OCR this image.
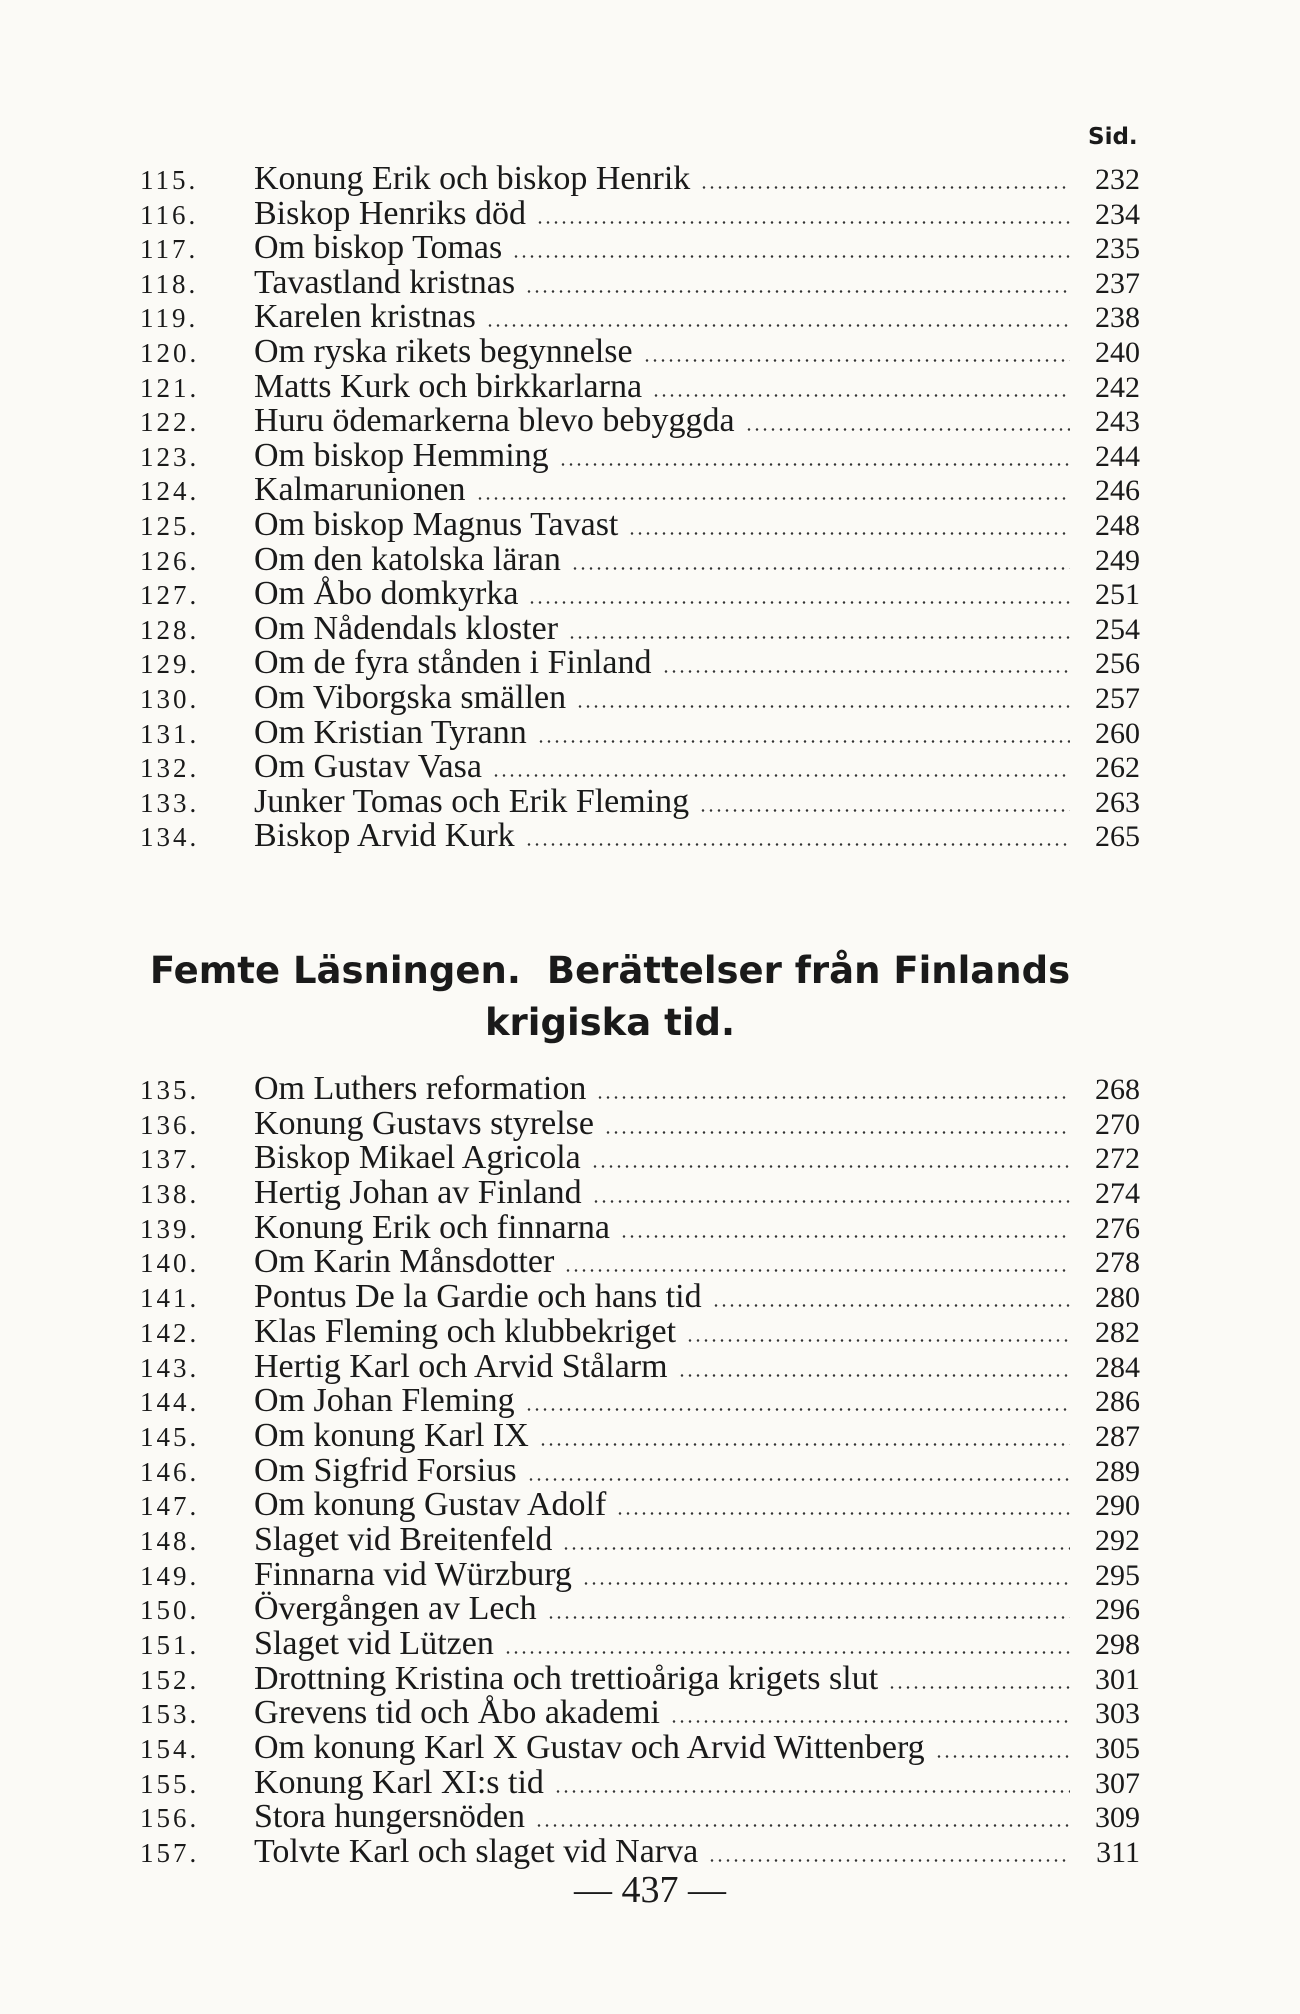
Sid.
115. Konung Erik och biskop Henrik	232
116. Biskop Henriks död	234
117. Om biskop Tomas	235
118. Tavastland kristnas	237
119. Karelen kristnas	238
120. Om ryska rikets begynnelse	240
121. Matts Kurk och birkkarlarna	242
122. Huru ödemarkerna blevo bebyggda	243
123. Om biskop Hemming	244
124. Kalmarunionen	246
125. Om biskop Magnus Tavast	248
126. Om den katolska läran	249
127. Om Åbo domkyrka	251
128. Om Nådendals kloster	254
129. Om de fyra stånden i Finland	256
130. Om Viborgska smällen	257
131. Om Kristian Tyrann	260
132. Om Gustav Vasa	262
133. Junker Tomas och Erik Fleming	263
134. Biskop Arvid Kurk	265
Femte Läsningen. Berättelser från Finlands krigiska tid.
135. Om Luthers reformation	268
136. Konung Gustavs styrelse	270
137. Biskop Mikael Agricola	272
138. Hertig Johan av Finland	274
139. Konung Erik och finnarna	276
140. Om Karin Månsdotter	278
141. Pontus De la Gardie och hans tid	280
142. Klas Fleming och klubbekriget	282
143. Hertig Karl och Arvid Stålarm	284
144. Om Johan Fleming	286
145. Om konung Karl IX	287
146. Om Sigfrid Forsius	289
147. Om konung Gustav Adolf	290
148. Slaget vid Breitenfeld	292
149. Finnarna vid Würzburg	295
150. Övergången av Lech	296
151. Slaget vid Lützen	298
152. Drottning Kristina och trettioåriga krigets slut	301
153. Grevens tid och Åbo akademi	303
154. Om konung Karl X Gustav och Arvid Wittenberg	305
155. Konung Karl XI:s tid	307
156. Stora hungersnöden	309
157. Tolvte Karl och slaget vid Narva	311
— 437 —
